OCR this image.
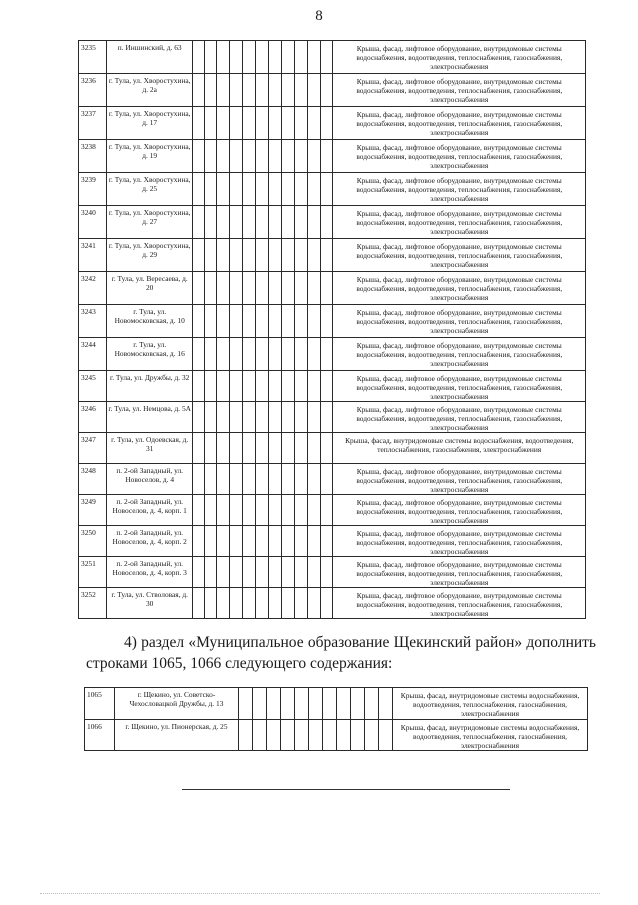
8
3235	п. Иншинский, д. 63												Крыша, фасад, лифтовое оборудование, внутридомовые системы водоснабжения, водоотведения, теплоснабжения, газоснабжения, электроснабжения
3236	г. Тула, ул. Хворостухина, д. 2а												Крыша, фасад, лифтовое оборудование, внутридомовые системы водоснабжения, водоотведения, теплоснабжения, газоснабжения, электроснабжения
3237	г. Тула, ул. Хворостухина, д. 17												Крыша, фасад, лифтовое оборудование, внутридомовые системы водоснабжения, водоотведения, теплоснабжения, газоснабжения, электроснабжения
3238	г. Тула, ул. Хворостухина, д. 19												Крыша, фасад, лифтовое оборудование, внутридомовые системы водоснабжения, водоотведения, теплоснабжения, газоснабжения, электроснабжения
3239	г. Тула, ул. Хворостухина, д. 25												Крыша, фасад, лифтовое оборудование, внутридомовые системы водоснабжения, водоотведения, теплоснабжения, газоснабжения, электроснабжения
3240	г. Тула, ул. Хворостухина, д. 27												Крыша, фасад, лифтовое оборудование, внутридомовые системы водоснабжения, водоотведения, теплоснабжения, газоснабжения, электроснабжения
3241	г. Тула, ул. Хворостухина, д. 29												Крыша, фасад, лифтовое оборудование, внутридомовые системы водоснабжения, водоотведения, теплоснабжения, газоснабжения, электроснабжения
3242	г. Тула, ул. Вересаева, д. 20												Крыша, фасад, лифтовое оборудование, внутридомовые системы водоснабжения, водоотведения, теплоснабжения, газоснабжения, электроснабжения
3243	г. Тула, ул. Новомосковская, д. 10												Крыша, фасад, лифтовое оборудование, внутридомовые системы водоснабжения, водоотведения, теплоснабжения, газоснабжения, электроснабжения
3244	г. Тула, ул. Новомосковская, д. 16												Крыша, фасад, лифтовое оборудование, внутридомовые системы водоснабжения, водоотведения, теплоснабжения, газоснабжения, электроснабжения
3245	г. Тула, ул. Дружбы, д. 32												Крыша, фасад, лифтовое оборудование, внутридомовые системы водоснабжения, водоотведения, теплоснабжения, газоснабжения, электроснабжения
3246	г. Тула, ул. Немцова, д. 5А												Крыша, фасад, лифтовое оборудование, внутридомовые системы водоснабжения, водоотведения, теплоснабжения, газоснабжения, электроснабжения
3247	г. Тула, ул. Одоевская, д. 31												Крыша, фасад, внутридомовые системы водоснабжения, водоотведения, теплоснабжения, газоснабжения, электроснабжения
3248	п. 2-ой Западный, ул. Новоселов, д. 4												Крыша, фасад, лифтовое оборудование, внутридомовые системы водоснабжения, водоотведения, теплоснабжения, газоснабжения, электроснабжения
3249	п. 2-ой Западный, ул. Новоселов, д. 4, корп. 1												Крыша, фасад, лифтовое оборудование, внутридомовые системы водоснабжения, водоотведения, теплоснабжения, газоснабжения, электроснабжения
3250	п. 2-ой Западный, ул. Новоселов, д. 4, корп. 2												Крыша, фасад, лифтовое оборудование, внутридомовые системы водоснабжения, водоотведения, теплоснабжения, газоснабжения, электроснабжения
3251	п. 2-ой Западный, ул. Новоселов, д. 4, корп. 3												Крыша, фасад, лифтовое оборудование, внутридомовые системы водоснабжения, водоотведения, теплоснабжения, газоснабжения, электроснабжения
3252	г. Тула, ул. Стволовая, д. 30												Крыша, фасад, лифтовое оборудование, внутридомовые системы водоснабжения, водоотведения, теплоснабжения, газоснабжения, электроснабжения
4) раздел «Муниципальное образование Щекинский район» дополнить строками 1065, 1066 следующего содержания:
1065	г. Щекино, ул. Советско-Чехословацкой Дружбы, д. 13												Крыша, фасад, внутридомовые системы водоснабжения, водоотведения, теплоснабжения, газоснабжения, электроснабжения
1066	г. Щекино, ул. Пионерская, д. 25												Крыша, фасад, внутридомовые системы водоснабжения, водоотведения, теплоснабжения, газоснабжения, электроснабжения
